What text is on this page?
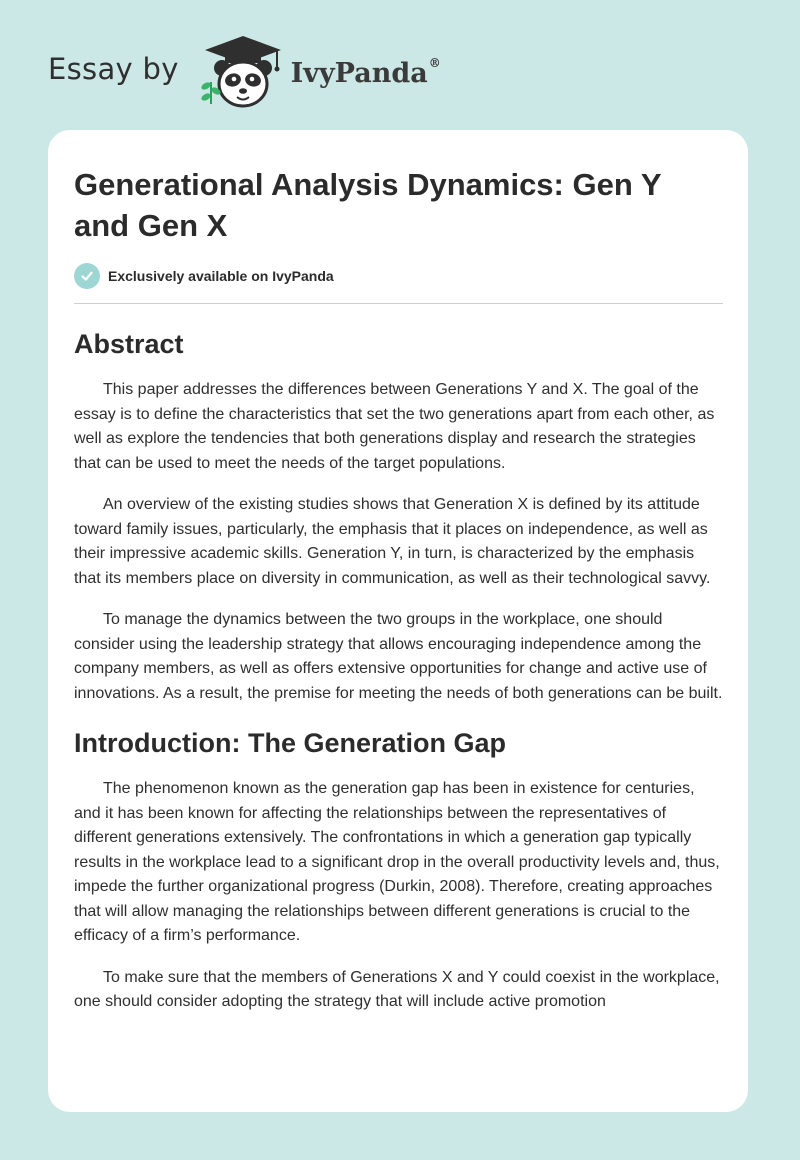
Essay by	IvyPanda®
Generational Analysis Dynamics: Gen Y and Gen X
Exclusively available on IvyPanda
Abstract

This paper addresses the differences between Generations Y and X. The goal of the essay is to define the characteristics that set the two generations apart from each other, as well as explore the tendencies that both generations display and research the strategies that can be used to meet the needs of the target populations.

An overview of the existing studies shows that Generation X is defined by its attitude toward family issues, particularly, the emphasis that it places on independence, as well as their impressive academic skills. Generation Y, in turn, is characterized by the emphasis that its members place on diversity in communication, as well as their technological savvy.

To manage the dynamics between the two groups in the workplace, one should consider using the leadership strategy that allows encouraging independence among the company members, as well as offers extensive opportunities for change and active use of innovations. As a result, the premise for meeting the needs of both generations can be built.

Introduction: The Generation Gap

The phenomenon known as the generation gap has been in existence for centuries, and it has been known for affecting the relationships between the representatives of different generations extensively. The confrontations in which a generation gap typically results in the workplace lead to a significant drop in the overall productivity levels and, thus, impede the further organizational progress (Durkin, 2008). Therefore, creating approaches that will allow managing the relationships between different generations is crucial to the efficacy of a firm’s performance.

To make sure that the members of Generations X and Y could coexist in the workplace, one should consider adopting the strategy that will include active promotion
